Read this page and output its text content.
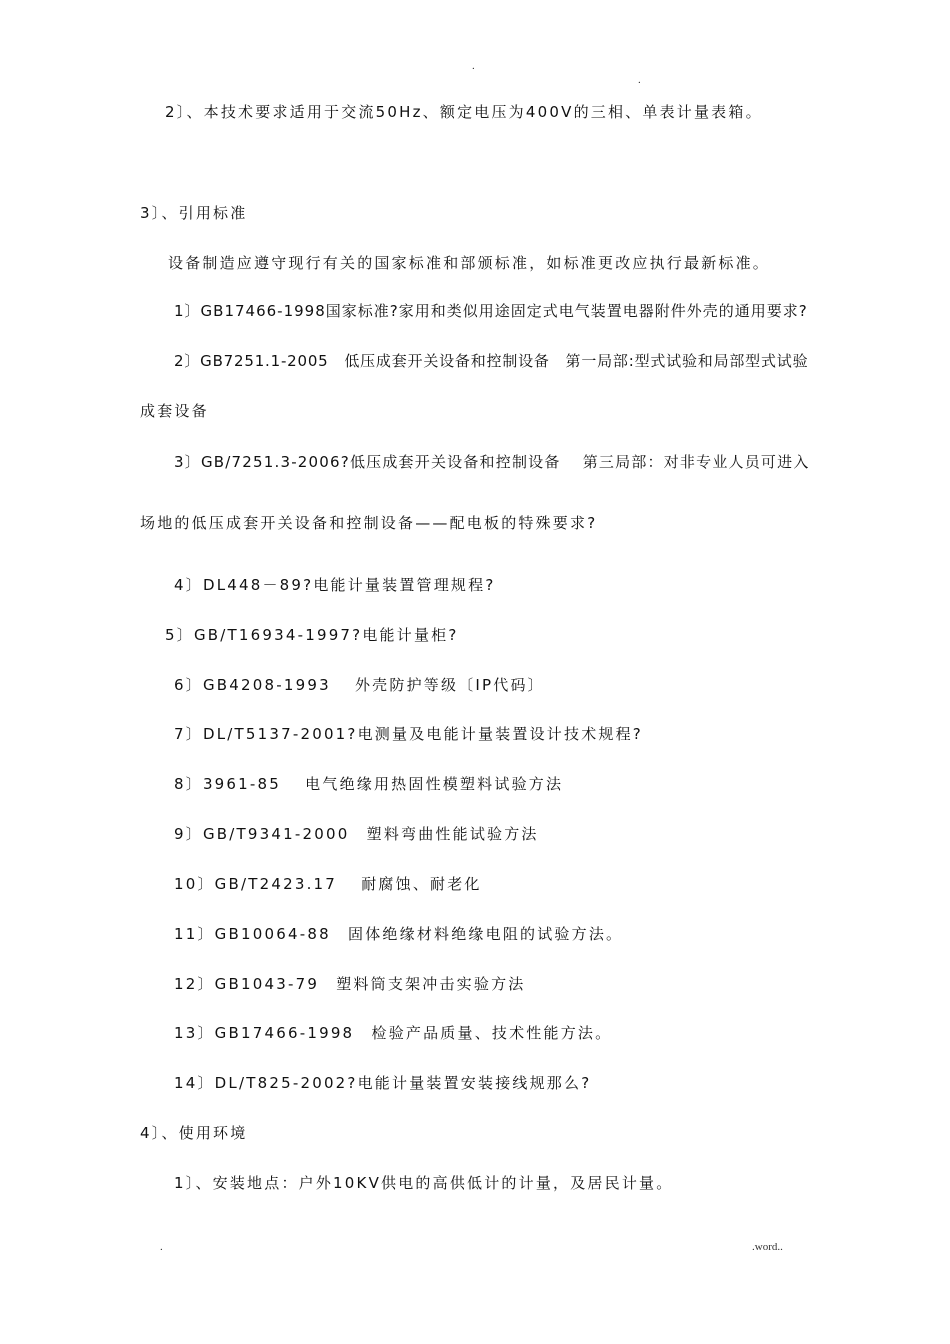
.
.
2〕、本技术要求适用于交流50Hz、额定电压为400V的三相、单表计量表箱。
3〕、引用标准
设备制造应遵守现行有关的国家标准和部颁标准，如标准更改应执行最新标准。
1〕GB17466-1998国家标准?家用和类似用途固定式电气装置电器附件外壳的通用要求?
2〕GB7251.1-2005　低压成套开关设备和控制设备　第一局部:型式试验和局部型式试验
成套设备
3〕GB/7251.3-2006?低压成套开关设备和控制设备　 第三局部：对非专业人员可进入
场地的低压成套开关设备和控制设备——配电板的特殊要求?
4〕DL448－89?电能计量装置管理规程?
5〕GB/T16934-1997?电能计量柜?
6〕GB4208-1993　 外壳防护等级〔IP代码〕
7〕DL/T5137-2001?电测量及电能计量装置设计技术规程?
8〕3961-85　 电气绝缘用热固性模塑料试验方法
9〕GB/T9341-2000　塑料弯曲性能试验方法
10〕GB/T2423.17　 耐腐蚀、耐老化
11〕GB10064-88　固体绝缘材料绝缘电阻的试验方法。
12〕GB1043-79　塑料筒支架冲击实验方法
13〕GB17466-1998　检验产品质量、技术性能方法。
14〕DL/T825-2002?电能计量装置安装接线规那么?
4〕、使用环境
1〕、安装地点：户外10KV供电的高供低计的计量，及居民计量。
.	.word..
